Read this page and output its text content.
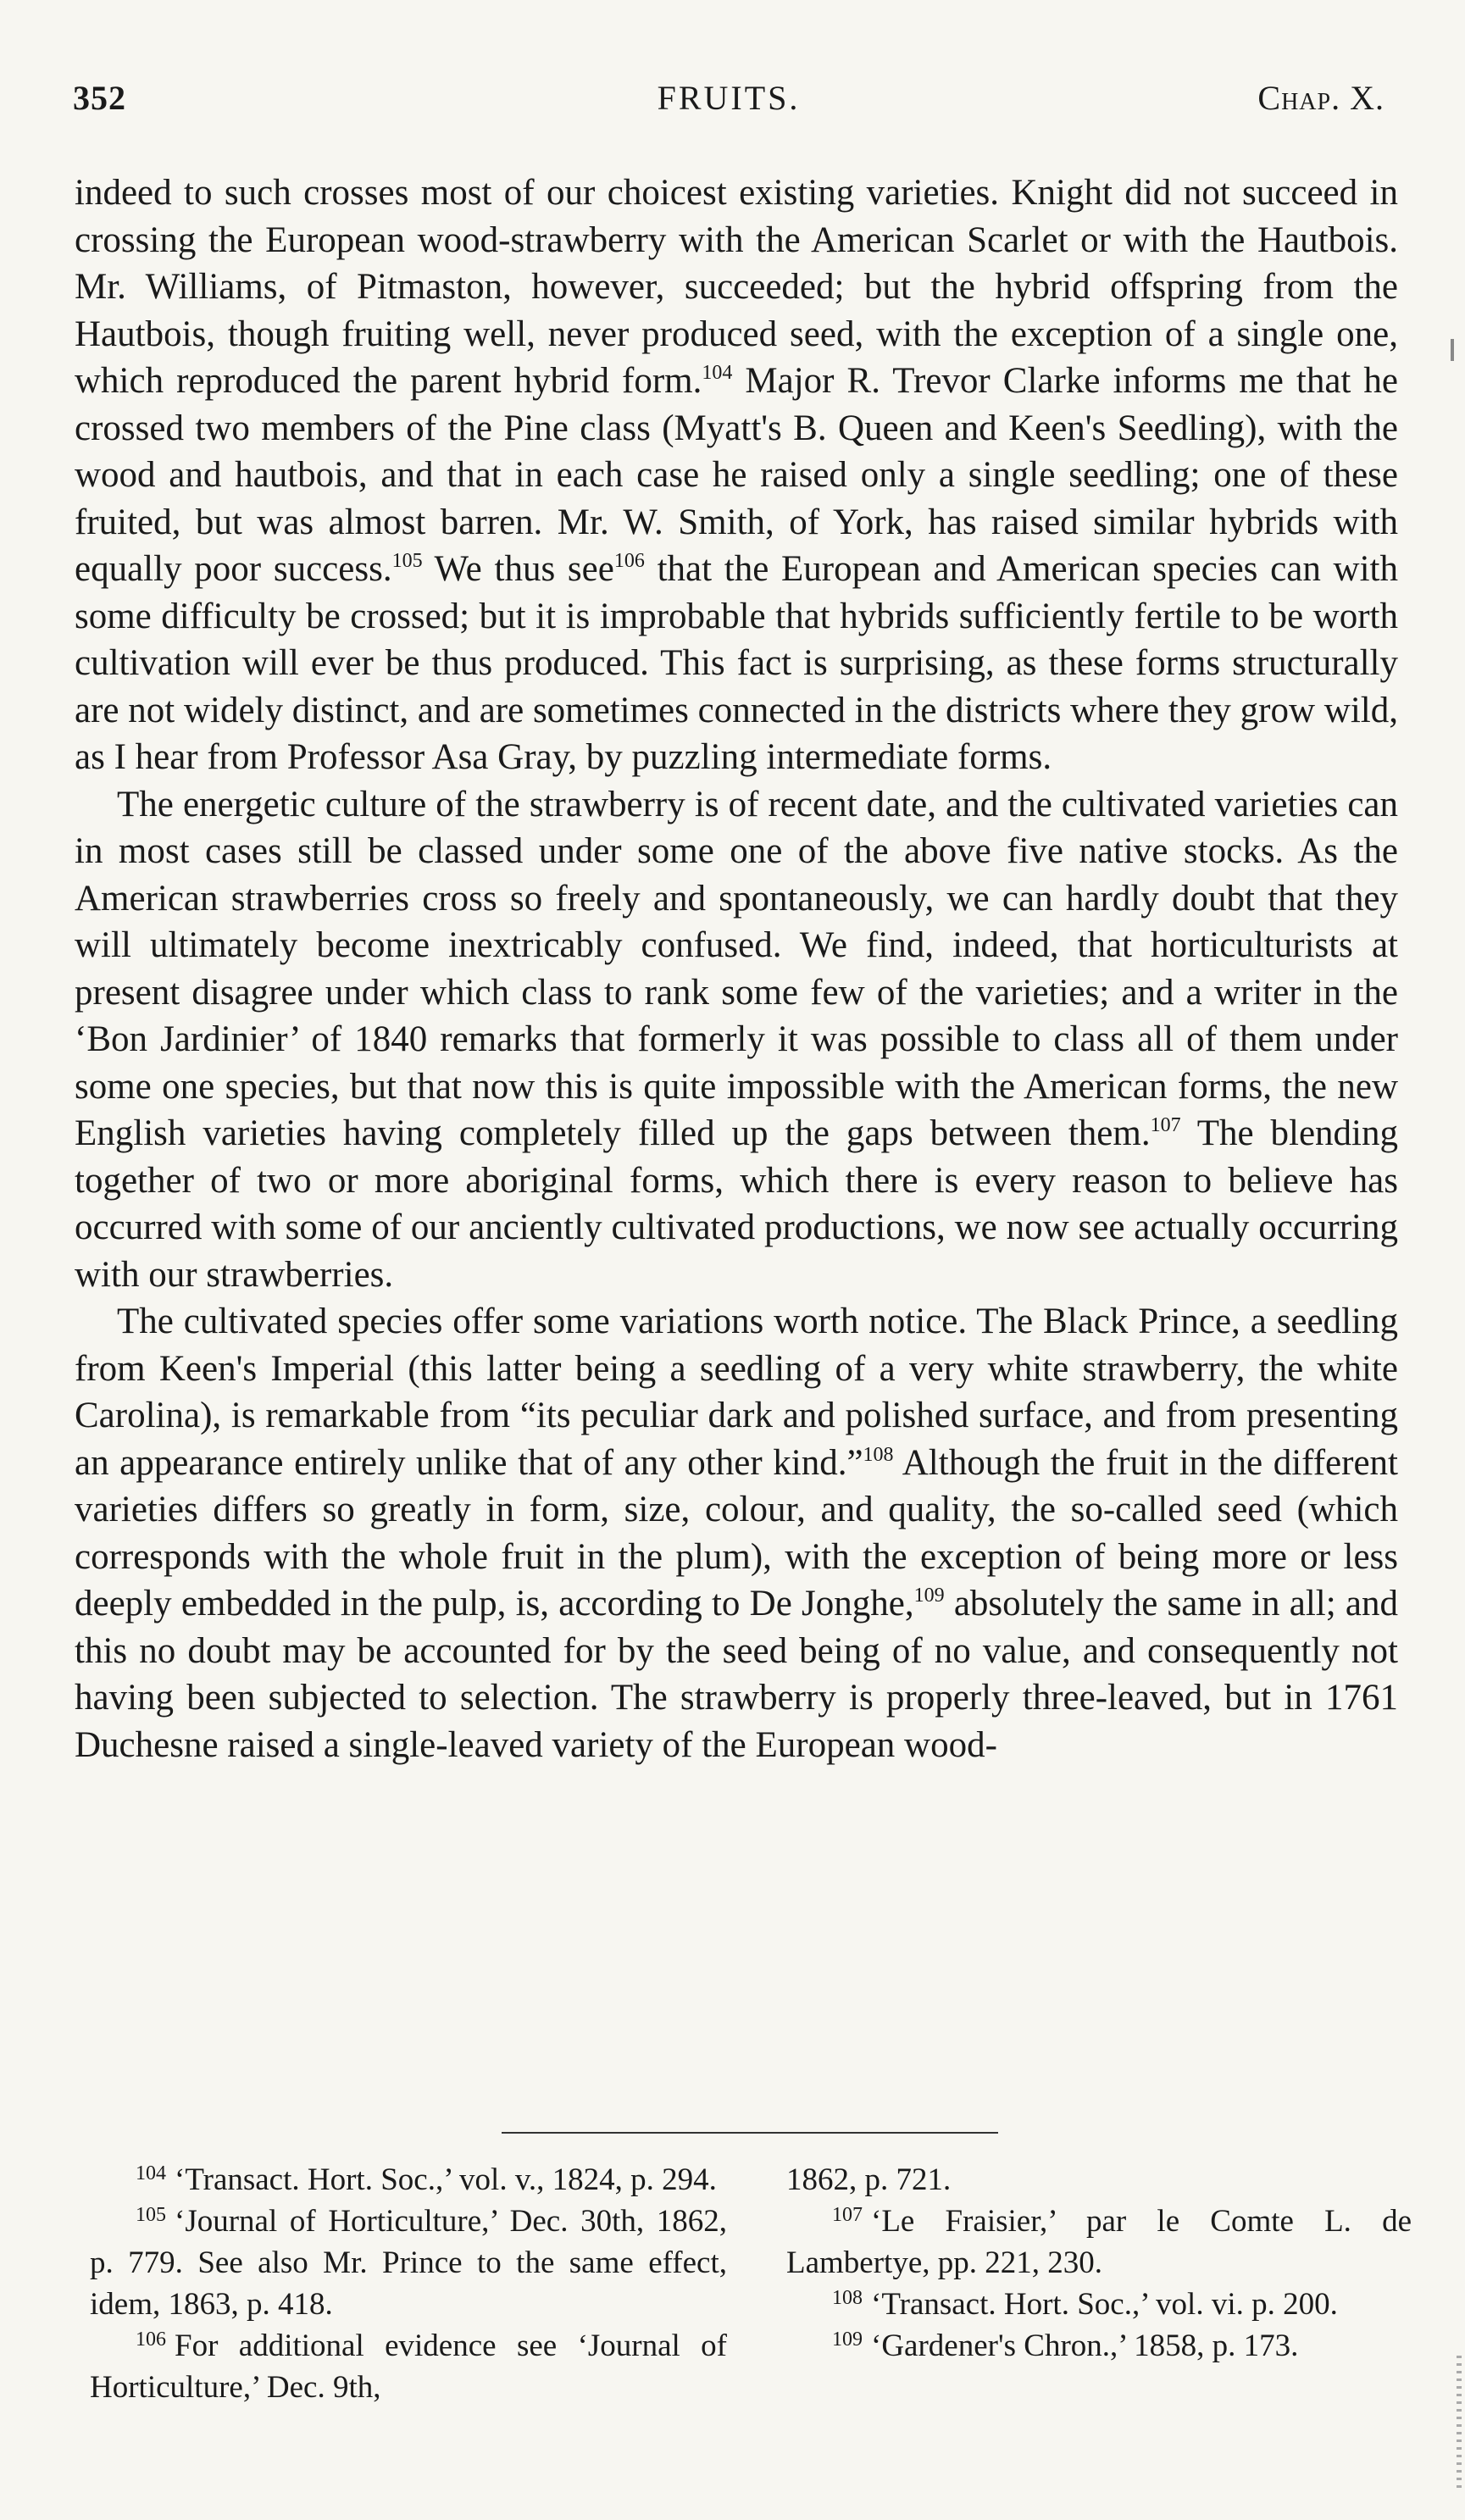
352	FRUITS.	Chap. X.

indeed to such crosses most of our choicest existing varieties. Knight did not succeed in crossing the European wood-strawberry with the American Scarlet or with the Hautbois. Mr. Williams, of Pitmaston, however, succeeded; but the hybrid offspring from the Hautbois, though fruiting well, never produced seed, with the exception of a single one, which reproduced the parent hybrid form.$^{104}$ Major R. Trevor Clarke informs me that he crossed two members of the Pine class (Myatt's B. Queen and Keen's Seedling), with the wood and hautbois, and that in each case he raised only a single seedling; one of these fruited, but was almost barren. Mr. W. Smith, of York, has raised similar hybrids with equally poor success.$^{105}$ We thus see$^{106}$ that the European and American species can with some difficulty be crossed; but it is improbable that hybrids sufficiently fertile to be worth cultivation will ever be thus produced. This fact is surprising, as these forms structurally are not widely distinct, and are sometimes connected in the districts where they grow wild, as I hear from Professor Asa Gray, by puzzling intermediate forms.

The energetic culture of the strawberry is of recent date, and the cultivated varieties can in most cases still be classed under some one of the above five native stocks. As the American strawberries cross so freely and spontaneously, we can hardly doubt that they will ultimately become inextricably confused. We find, indeed, that horticulturists at present disagree under which class to rank some few of the varieties; and a writer in the ‘Bon Jardinier’ of 1840 remarks that formerly it was possible to class all of them under some one species, but that now this is quite impossible with the American forms, the new English varieties having completely filled up the gaps between them.$^{107}$ The blending together of two or more aboriginal forms, which there is every reason to believe has occurred with some of our anciently cultivated productions, we now see actually occurring with our strawberries.

The cultivated species offer some variations worth notice. The Black Prince, a seedling from Keen's Imperial (this latter being a seedling of a very white strawberry, the white Carolina), is remarkable from “its peculiar dark and polished surface, and from presenting an appearance entirely unlike that of any other kind.”$^{108}$ Although the fruit in the different varieties differs so greatly in form, size, colour, and quality, the so-called seed (which corresponds with the whole fruit in the plum), with the exception of being more or less deeply embedded in the pulp, is, according to De Jonghe,$^{109}$ absolutely the same in all; and this no doubt may be accounted for by the seed being of no value, and consequently not having been subjected to selection. The strawberry is properly three-leaved, but in 1761 Duchesne raised a single-leaved variety of the European wood-

$^{104}$ ‘Transact. Hort. Soc.,’ vol. v., 1824, p. 294.

$^{105}$ ‘Journal of Horticulture,’ Dec. 30th, 1862, p. 779. See also Mr. Prince to the same effect, idem, 1863, p. 418.

$^{106}$ For additional evidence see ‘Journal of Horticulture,’ Dec. 9th,

1862, p. 721.

$^{107}$ ‘Le Fraisier,’ par le Comte L. de Lambertye, pp. 221, 230.

$^{108}$ ‘Transact. Hort. Soc.,’ vol. vi. p. 200.

$^{109}$ ‘Gardener's Chron.,’ 1858, p. 173.
